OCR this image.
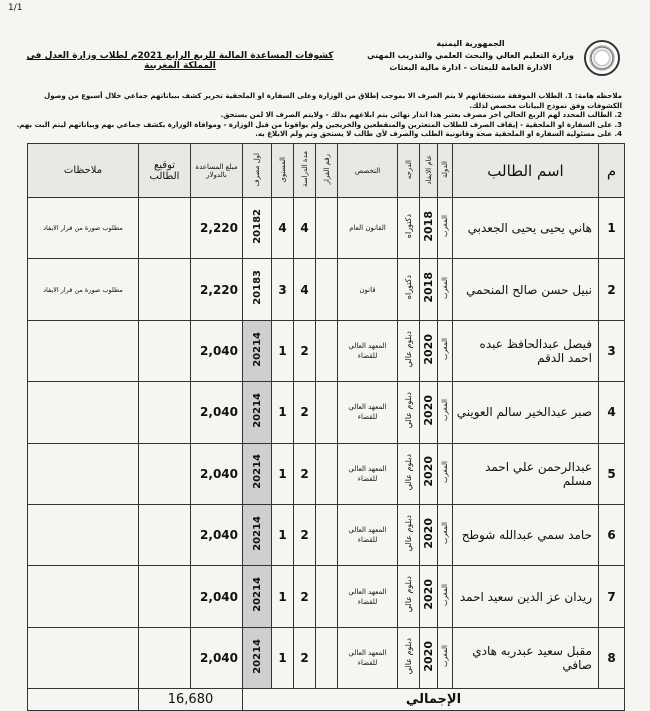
1/1
الجمهورية اليمنية
وزارة التعليم العالي والبحث العلمي والتدريب المهني
الادارة العامة للبعثات - ادارة مالية البعثات
كشوفات المساعدة المالية للربع الرابع 2021م لطلاب وزارة العدل في المملكة المغربية
ملاحظه هامة: 1. الطلاب الموقفة مستحقاتهم لا يتم الصرف الا بموجب إطلاق من الوزارة وعلى السفارة او الملحقية تحرير كشف ببياناتهم جماعي خلال أسبوع من وصول الكشوفات وفق نموذج البيانات مخصص لذلك.
2. الطالب المحدد لهم الربع الحالي اخر مصرف يعتبر هذا انذار نهائي يتم ابلاغهم بذلك - ولايتم الصرف الا لمن يستحق.
3. على السفارة او الملحقية - إيقاف الصرف للطلاب المتعثرين والمنقطعين والخريجين ولم يوافونا من قبل الوزارة - وموافاة الوزارة بكشف جماعي بهم وبياناتهم ليتم البت بهم.
4. على مسئولية السفارة او الملحقية صحة وقانونية الطلب والصرف لأي طالب لا يستحق وتم ولم الابلاغ به.
م	اسم الطالب	الدولة	عام الايفاد	الدرجه	التخصص	رقم القرار	مدة الدراسة	المستوى	اول مصرف	مبلغ المساعدة بالدولار	توقيع الطالب	ملاحظات
1	هاني يحيى يحيى الجعدبي	المغرب	2018	دكتوراه	القانون العام		4	4	20182	2,220		مطلوب صورة من قرار الايفاد
2	نبيل حسن صالح المنحمي	المغرب	2018	دكتوراه	قانون		4	3	20183	2,220		مطلوب صورة من قرار الايفاد
3	فيصل عبدالحافظ عبده احمد الدقم	المغرب	2020	دبلوم عالي	المعهد العالي للقضاء		2	1	20214	2,040		
4	صبر عبدالخير سالم العويني	المغرب	2020	دبلوم عالي	المعهد العالي للقضاء		2	1	20214	2,040		
5	عبدالرحمن علي احمد مسلم	المغرب	2020	دبلوم عالي	المعهد العالي للقضاء		2	1	20214	2,040		
6	حامد سمي عبدالله شوطح	المغرب	2020	دبلوم عالي	المعهد العالي للقضاء		2	1	20214	2,040		
7	ريدان عز الدين سعيد احمد	المغرب	2020	دبلوم عالي	المعهد العالي للقضاء		2	1	20214	2,040		
8	مقبل سعيد عبدربه هادي صافي	المغرب	2020	دبلوم عالي	المعهد العالي للقضاء		2	1	20214	2,040		
الإجمالي										16,680		
